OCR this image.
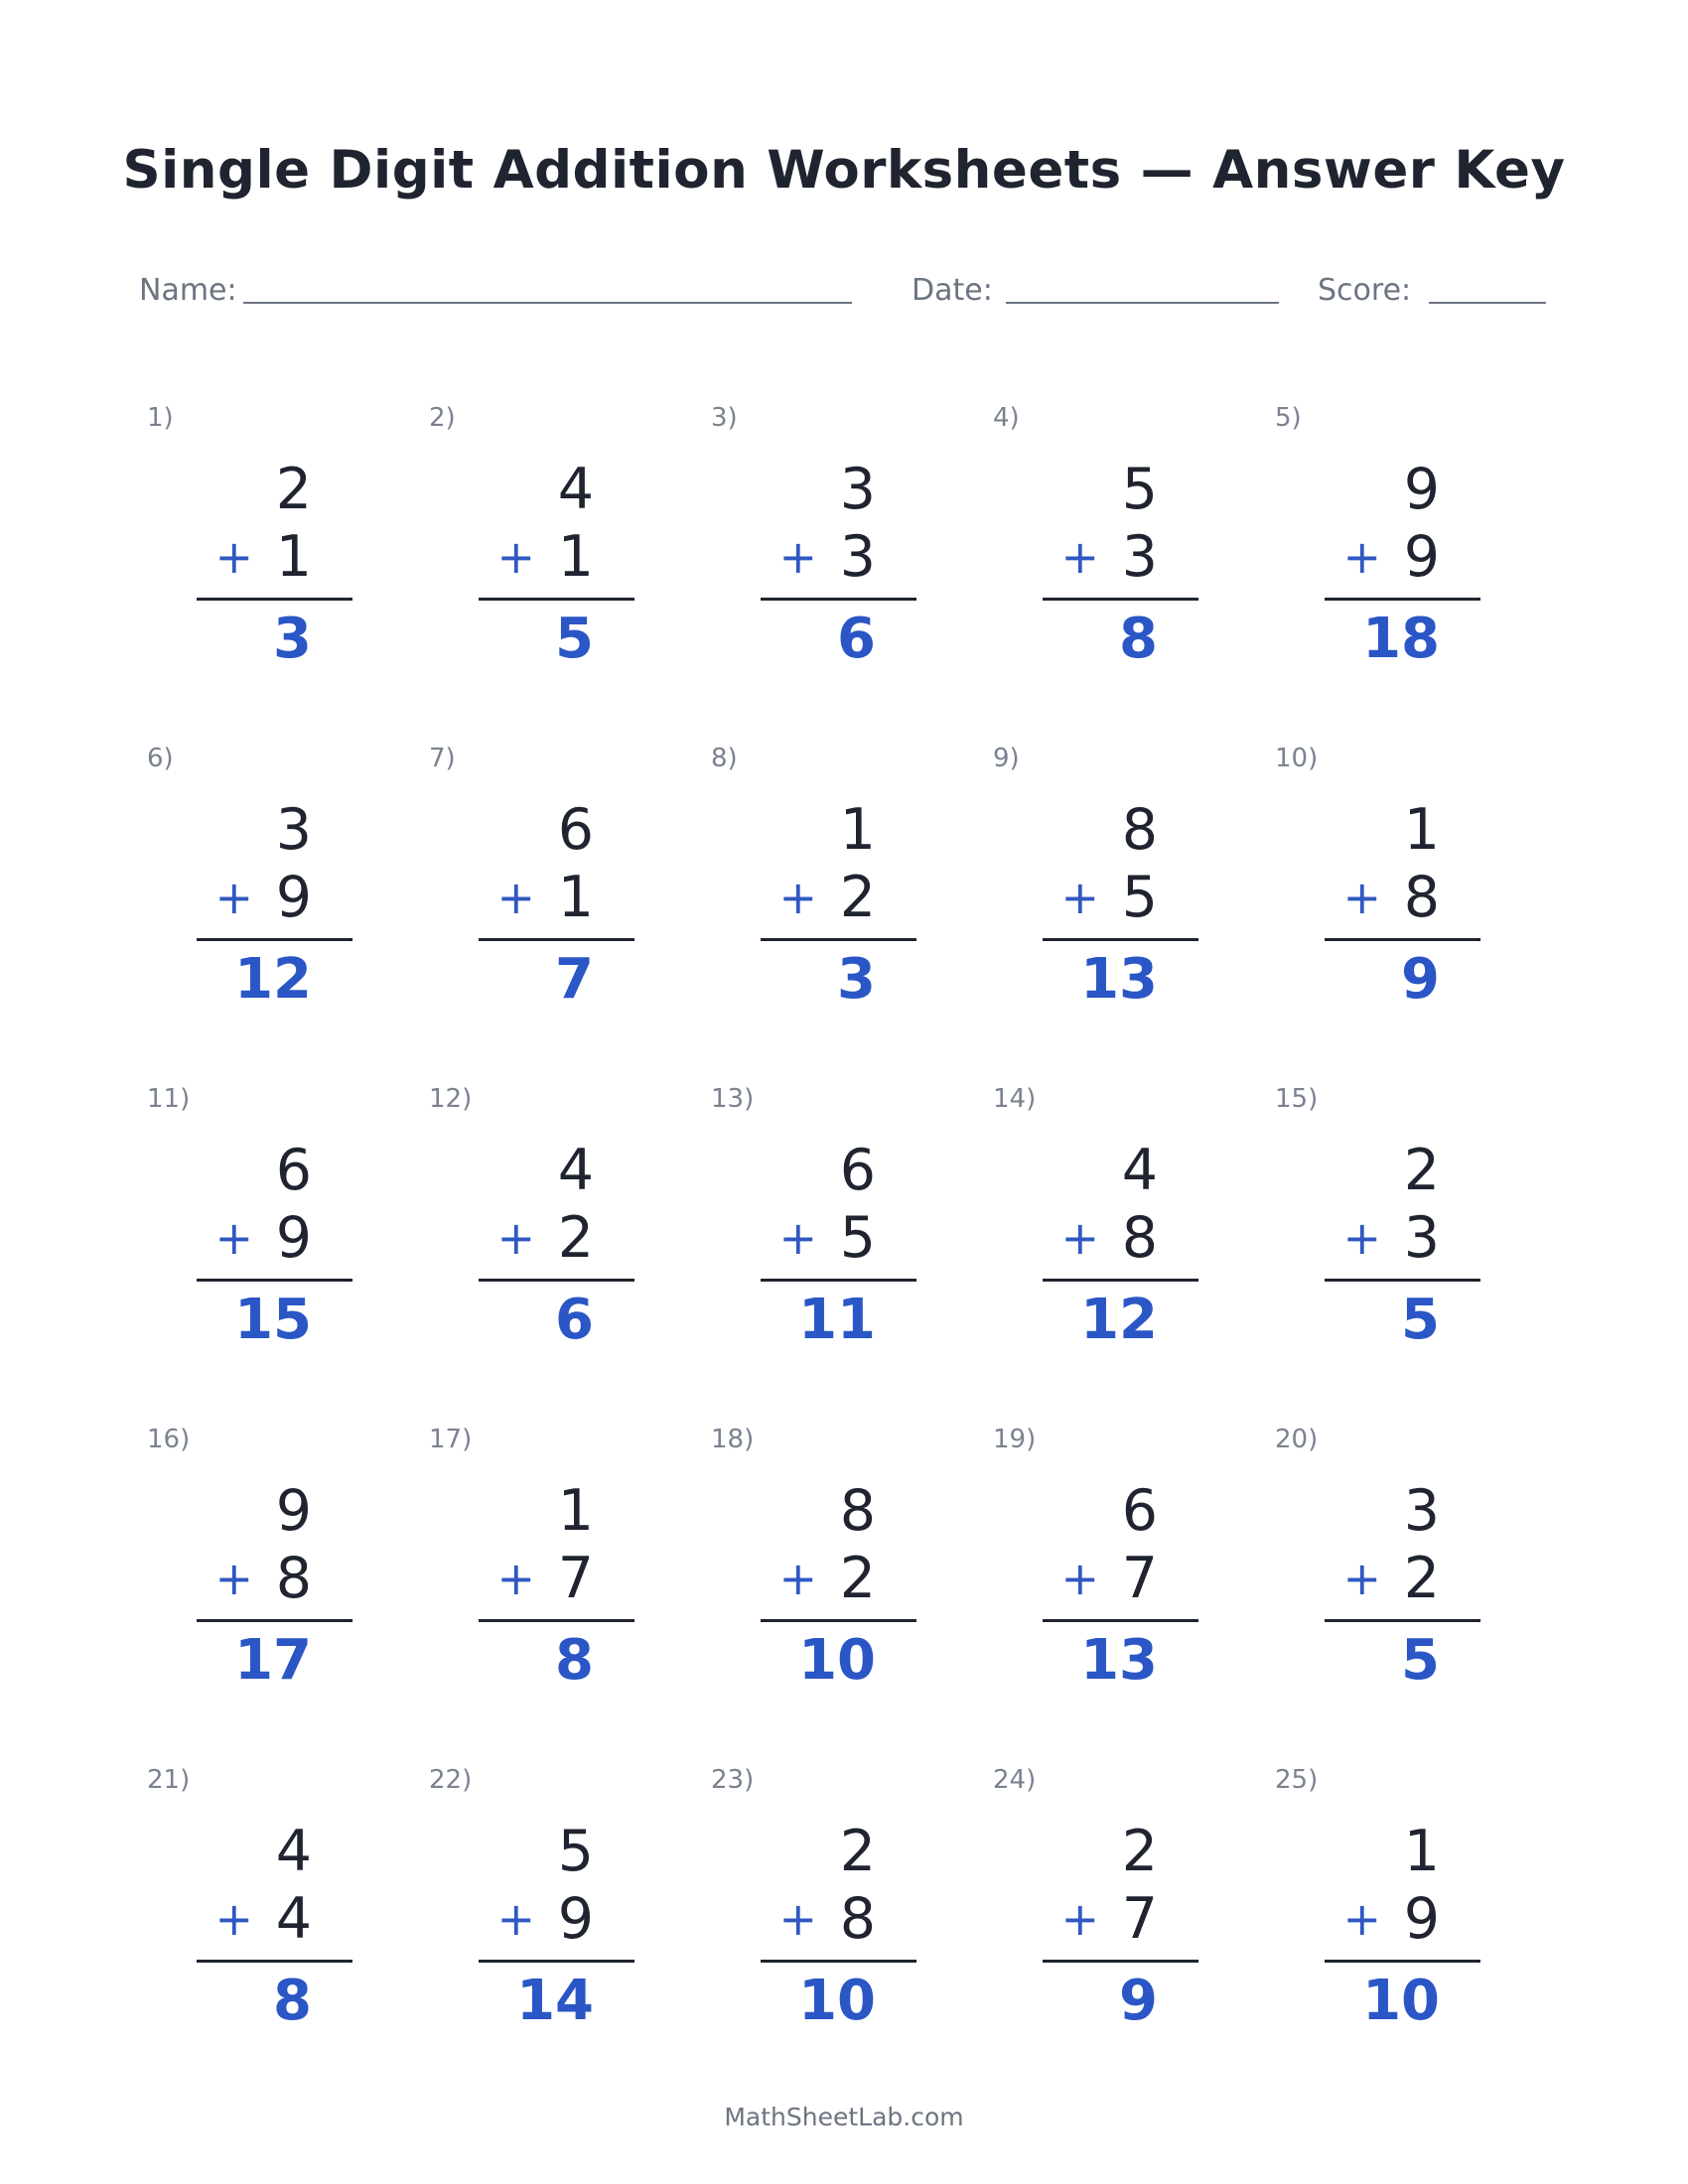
Single Digit Addition Worksheets — Answer Key
Name:	Date:	Score:
1)
2
+ 1
3
2)
4
+ 1
5
3)
3
+ 3
6
4)
5
+ 3
8
5)
9
+ 9
18
6)
3
+ 9
12
7)
6
+ 1
7
8)
1
+ 2
3
9)
8
+ 5
13
10)
1
+ 8
9
11)
6
+ 9
15
12)
4
+ 2
6
13)
6
+ 5
11
14)
4
+ 8
12
15)
2
+ 3
5
16)
9
+ 8
17
17)
1
+ 7
8
18)
8
+ 2
10
19)
6
+ 7
13
20)
3
+ 2
5
21)
4
+ 4
8
22)
5
+ 9
14
23)
2
+ 8
10
24)
2
+ 7
9
25)
1
+ 9
10
MathSheetLab.com
